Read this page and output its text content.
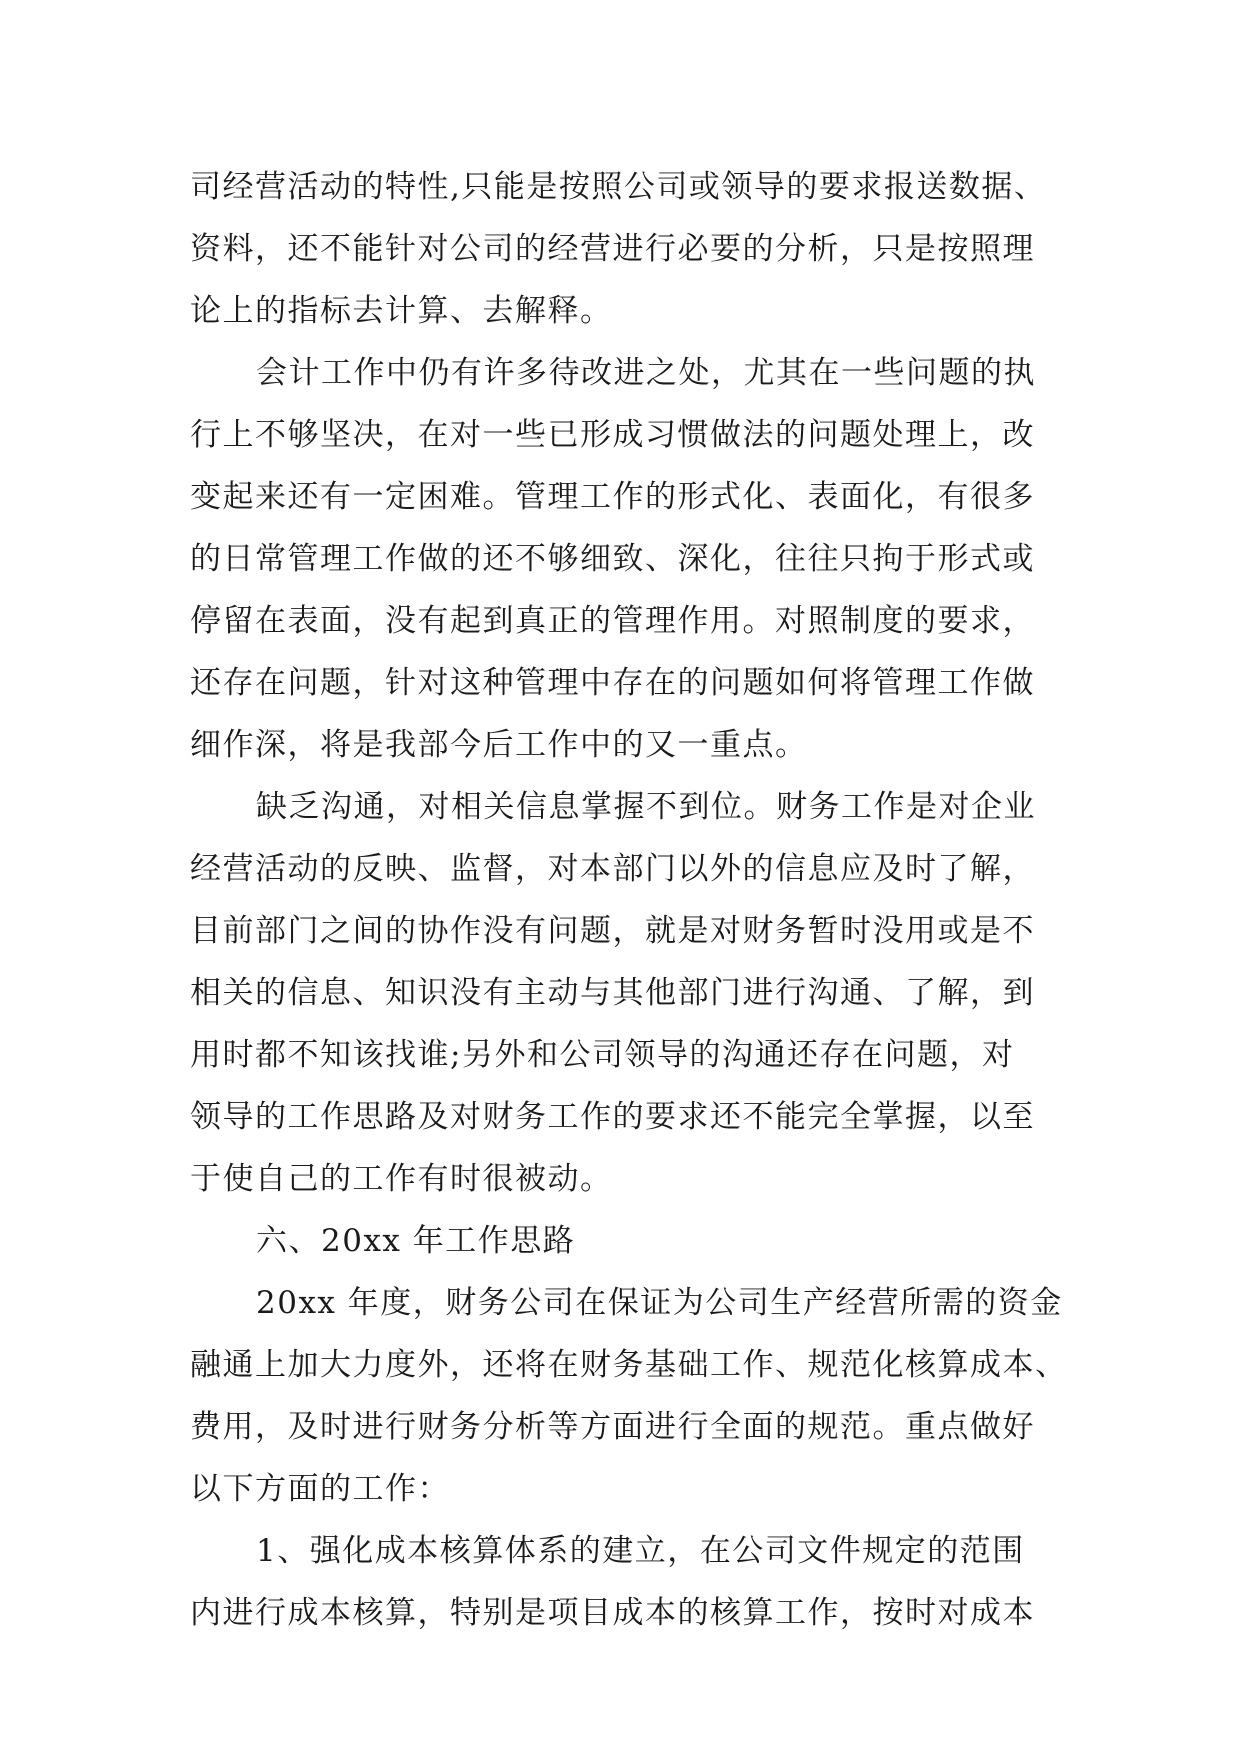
司经营活动的特性,只能是按照公司或领导的要求报送数据、
资料，还不能针对公司的经营进行必要的分析，只是按照理
论上的指标去计算、去解释。
会计工作中仍有许多待改进之处，尤其在一些问题的执
行上不够坚决，在对一些已形成习惯做法的问题处理上，改
变起来还有一定困难。管理工作的形式化、表面化，有很多
的日常管理工作做的还不够细致、深化，往往只拘于形式或
停留在表面，没有起到真正的管理作用。对照制度的要求，
还存在问题，针对这种管理中存在的问题如何将管理工作做
细作深，将是我部今后工作中的又一重点。
缺乏沟通，对相关信息掌握不到位。财务工作是对企业
经营活动的反映、监督，对本部门以外的信息应及时了解，
目前部门之间的协作没有问题，就是对财务暂时没用或是不
相关的信息、知识没有主动与其他部门进行沟通、了解，到
用时都不知该找谁;另外和公司领导的沟通还存在问题，对
领导的工作思路及对财务工作的要求还不能完全掌握，以至
于使自己的工作有时很被动。
六、20xx 年工作思路
20xx 年度，财务公司在保证为公司生产经营所需的资金
融通上加大力度外，还将在财务基础工作、规范化核算成本、
费用，及时进行财务分析等方面进行全面的规范。重点做好
以下方面的工作：
1、强化成本核算体系的建立，在公司文件规定的范围
内进行成本核算，特别是项目成本的核算工作，按时对成本
